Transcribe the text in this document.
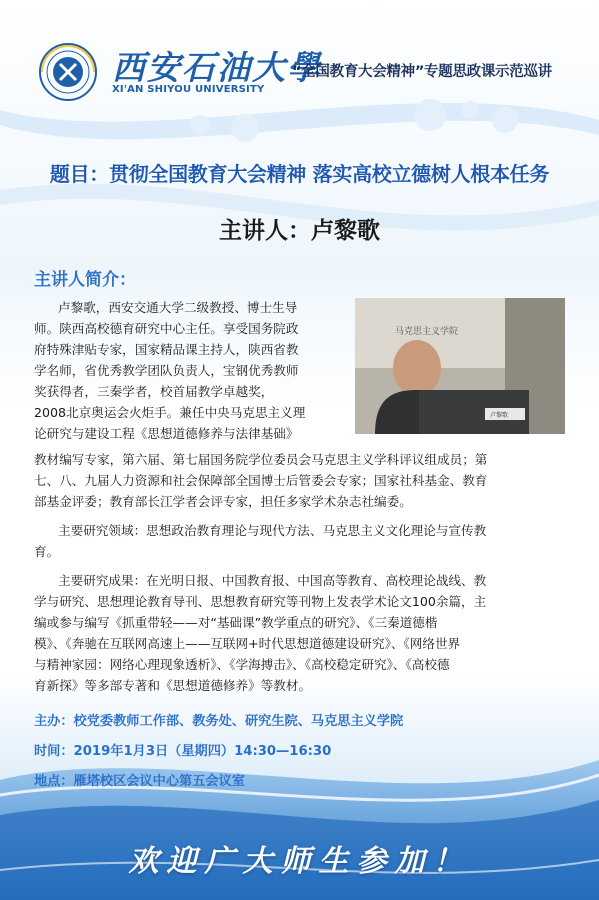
西安石油大學
XI'AN SHIYOU UNIVERSITY
“全国教育大会精神”专题思政课示范巡讲
题目：贯彻全国教育大会精神 落实高校立德树人根本任务
主讲人：卢黎歌
主讲人简介：
马克思主义学院
卢黎歌
卢黎歌，西安交通大学二级教授、博士生导
师。陕西高校德育研究中心主任。享受国务院政
府特殊津贴专家，国家精品课主持人，陕西省教
学名师，省优秀教学团队负责人，宝钢优秀教师
奖获得者，三秦学者，校首届教学卓越奖，
2008北京奥运会火炬手。兼任中央马克思主义理
论研究与建设工程《思想道德修养与法律基础》
教材编写专家，第六届、第七届国务院学位委员会马克思主义学科评议组成员；第
七、八、九届人力资源和社会保障部全国博士后管委会专家；国家社科基金、教育
部基金评委；教育部长江学者会评专家，担任多家学术杂志社编委。
主要研究领域：思想政治教育理论与现代方法、马克思主义文化理论与宣传教
育。
主要研究成果：在光明日报、中国教育报、中国高等教育、高校理论战线、教
学与研究、思想理论教育导刊、思想教育研究等刊物上发表学术论文100余篇，主
编或参与编写《抓重带轻——对“基础课”教学重点的研究》、《三秦道德楷
模》、《奔驰在互联网高速上——互联网+时代思想道德建设研究》、《网络世界
与精神家园：网络心理现象透析》、《学海搏击》、《高校稳定研究》、《高校德
育新探》等多部专著和《思想道德修养》等教材。
主办：校党委教师工作部、教务处、研究生院、马克思主义学院
时间：2019年1月3日（星期四）14:30—16:30
地点：雁塔校区会议中心第五会议室
欢迎广大师生参加！
